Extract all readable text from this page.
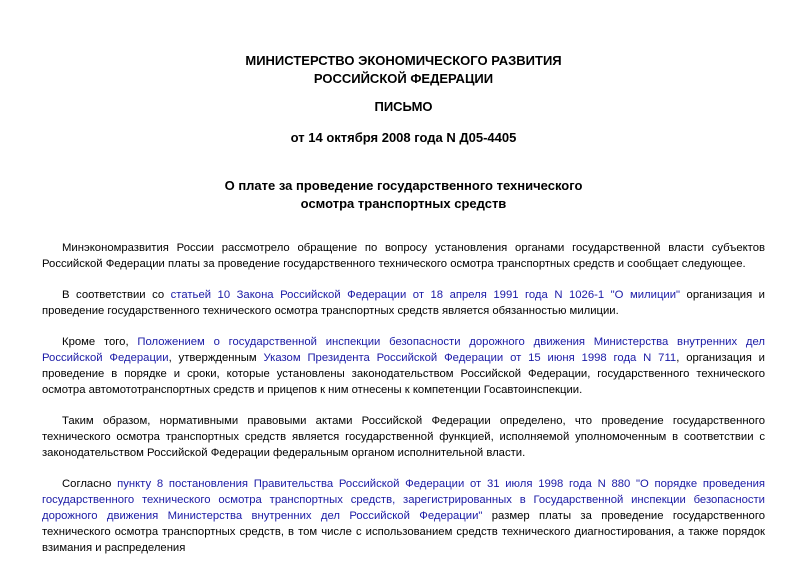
МИНИСТЕРСТВО ЭКОНОМИЧЕСКОГО РАЗВИТИЯ

РОССИЙСКОЙ ФЕДЕРАЦИИ

ПИСЬМО

от 14 октября 2008 года N Д05-4405

О плате за проведение государственного технического

осмотра транспортных средств

Минэкономразвития России рассмотрело обращение по вопросу установления органами государственной власти субъектов Российской Федерации платы за проведение государственного технического осмотра транспортных средств и сообщает следующее.

В соответствии со статьей 10 Закона Российской Федерации от 18 апреля 1991 года N 1026-1 "О милиции" организация и проведение государственного технического осмотра транспортных средств является обязанностью милиции.

Кроме того, Положением о государственной инспекции безопасности дорожного движения Министерства внутренних дел Российской Федерации, утвержденным Указом Президента Российской Федерации от 15 июня 1998 года N 711, организация и проведение в порядке и сроки, которые установлены законодательством Российской Федерации, государственного технического осмотра автомототранспортных средств и прицепов к ним отнесены к компетенции Госавтоинспекции.

Таким образом, нормативными правовыми актами Российской Федерации определено, что проведение государственного технического осмотра транспортных средств является государственной функцией, исполняемой уполномоченным в соответствии с законодательством Российской Федерации федеральным органом исполнительной власти.

Согласно пункту 8 постановления Правительства Российской Федерации от 31 июля 1998 года N 880 "О порядке проведения государственного технического осмотра транспортных средств, зарегистрированных в Государственной инспекции безопасности дорожного движения Министерства внутренних дел Российской Федерации" размер платы за проведение государственного технического осмотра транспортных средств, в том числе с использованием средств технического диагностирования, а также порядок взимания и распределения
